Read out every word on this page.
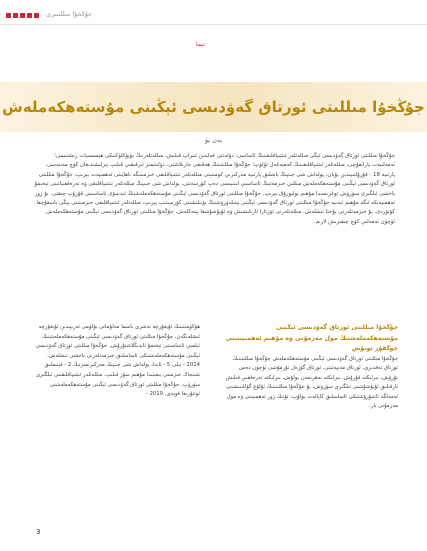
جۇڭخۇا مىللىتىرى
تېما
جۇڭخۇا مىللىتى ئورتاق گەۋدىسى ئېڭىنى مۇستەھكەملەش
يەن يۈ

جۇڭخۇا مىللىتى ئورتاق گەۋدىسى ئېڭى مىللەتلەر ئىتتىپاقلىقىنىڭ ئاساسى، دۆلەتنى قەلبتىن ئىنراپ قىلىش، مىللەتلەرنىڭ بۈيۈكلۈكتىكى ھېسسىيات رىشتىسى؛ ئەمەلىيەت ياراتقۇچى، مىللەتلەر ئىتتىپاقلىقىنىڭ كەمبەغەل ئۆلۈپ؛ جۇڭخۇا مىللىتىنىڭ ھەقىقى جارىلاشتى، دۆلىتىمىز ئىرقىقىي قىلىپ بىرلىشىدىغان كۈچ مەنبەسى. پارتىيە 18 - قۇرۇلتىيىدىن بۇيان، يولداش شى جىنپىڭ باشلىق پارتىيە مەركىزىي كومىتېتى مىللەتلەر ئىتتىپاقلىقى خىزمىتىگە ناھايىتى ئەھمىيەت بېرىپ، جۇڭخۇا مىللىتى ئورتاق گەۋدىسى ئېڭىنى مۇستەھكەملەش مىللىي خىزمەتنىڭ ئاساسىي لىنىيىسى دەپ كۆرسەتتى، يولداش شى جىنپىڭ مىللەتلەر ئىتتىپاقلىقى ۋە تەرەققىياتىنى تېخىمۇ ياخشى ئىلگىرى سۈرۈش توغرىسىدا مۇھىم يوليورۇق بېرىپ، جۇڭخۇا مىللىتى ئورتاق گەۋدىسى ئېڭىنى مۇستەھكەملەشنىڭ ئىدىيىۋى ئاساسىنى قۇرۇپ چىقتى. بۇ زور ئەھمىيەتكە ئىگە مۇھىم ئىدىيە جۇڭخۇا مىللىتى ئورتاق گەۋدىسى ئېڭىنى يېتىلدۈرۈشنىڭ يۆنىلىشىنى كۆرسىتىپ بېرىپ، مىللەتلەر ئىتتىپاقلىقى خىزمىتىنى يېڭى باسقۇچقا كۆتۈردى. بۇ خىزمەتلەرنى پۇختا ئىشلەش، مىللەتلەرنى ئۆزئارا ئارىلىشىش ۋە ئۇيۇشۇشقا يېتەكلەش، جۇڭخۇا مىللىتى ئورتاق گەۋدىسى ئېڭىنى مۇستەھكەملەش ئۈچۈن ئەمەلىي كۈچ چىقىرىش لازىم.

جۇڭخۇا مىللىتى ئورتاق گەۋدىسى ئېڭىنى مۇستەھكەملەشنىڭ مول مەزمۇنى ۋە مۇھىم ئەھمىيىتىنى چوڭقۇر تونۇش

جۇڭخۇا مىللىتى ئورتاق گەۋدىسى ئېڭىنى مۇستەھكەملەش جۇڭخۇا مىللىتىنىڭ ئورتاق تەقدىرى، ئورتاق مەنپەئىتى، ئورتاق گۈزەل تۇرمۇشى ئۈچۈن دەس تۇرۇش، بىرلىكتە قۇرۇش، بىرلىكتە بەھرىمەن بولۇش، بىرلىكتە تەرەققىي قىلىش ئارقىلىق ئۇيۇشۇشنى ئىلگىرى سۈرۈش، بۇ جۇڭخۇا مىللىتىنىڭ ئۇلۇغ گۈللىنىشىنى ئەمەلگە ئاشۇرۇشتىكى ئاساسلىق كاپالەت بولۇپ، ئۇنىڭ زور ئەھمىيىتى ۋە مول مەزمۇنى بار.

ھۆكۈمىتىنىڭ ئۇيغۇرچە نەشرى باسما مەلۇماتى بۆلۈمى تەرىپىدىن ئۇيغۇرچە ئىشلەنگەن، جۇڭخۇا مىللىتى ئورتاق گەۋدىسى ئېڭىنى مۇستەھكەملەشنىڭ ئىلمىي ئاساسىنى تېخىمۇ ئايدىڭلاشتۇرۇش، جۇڭخۇا مىللىتى ئورتاق گەۋدىسى ئېڭىنى مۇستەھكەملەشتىكى ئاساسلىق خىزمەتلەرنى ياخشى ئىشلەش، 2014 - يىلى 5 - ئايدا، يولداش شى جىنپىڭ مەركىزىمىزنىڭ 2 - قېتىملىق شىنجاڭ خىزمىتى يىغىنىدا مۇھىم سۆز قىلىپ، مىللەتلەر ئىتتىپاقلىقىنى ئىلگىرى سۈرۈپ، جۇڭخۇا مىللىتى ئورتاق گەۋدىسى ئېڭىنى مۇستەھكەملەشنى ئوتتۇرىغا قويدى. 2019 -

3
